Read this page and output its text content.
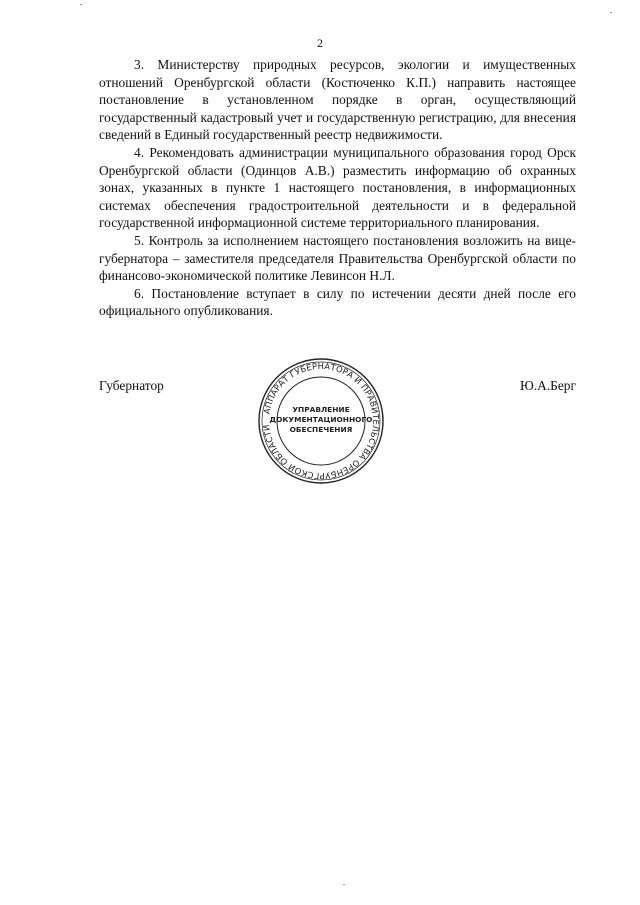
2

3. Министерству природных ресурсов, экологии и имущественных отношений Оренбургской области (Костюченко К.П.) направить настоящее постановление в установленном порядке в орган, осуществляющий государственный кадастровый учет и государственную регистрацию, для внесения сведений в Единый государственный реестр недвижимости.

4. Рекомендовать администрации муниципального образования город Орск Оренбургской области (Одинцов А.В.) разместить информацию об охранных зонах, указанных в пункте 1 настоящего постановления, в информационных системах обеспечения градостроительной деятельности и в федеральной государственной информационной системе территориального планирования.

5. Контроль за исполнением настоящего постановления возложить на вице-губернатора – заместителя председателя Правительства Оренбургской области по финансово-экономической политике Левинсон Н.Л.

6. Постановление вступает в силу по истечении десяти дней после его официального опубликования.

Губернатор
АППАРАТ ГУБЕРНАТОРА И ПРАВИТЕЛЬСТВА ОРЕНБУРГСКОЙ ОБЛАСТИ
УПРАВЛЕНИЕ
ДОКУМЕНТАЦИОННОГО
ОБЕСПЕЧЕНИЯ
Ю.А.Берг
